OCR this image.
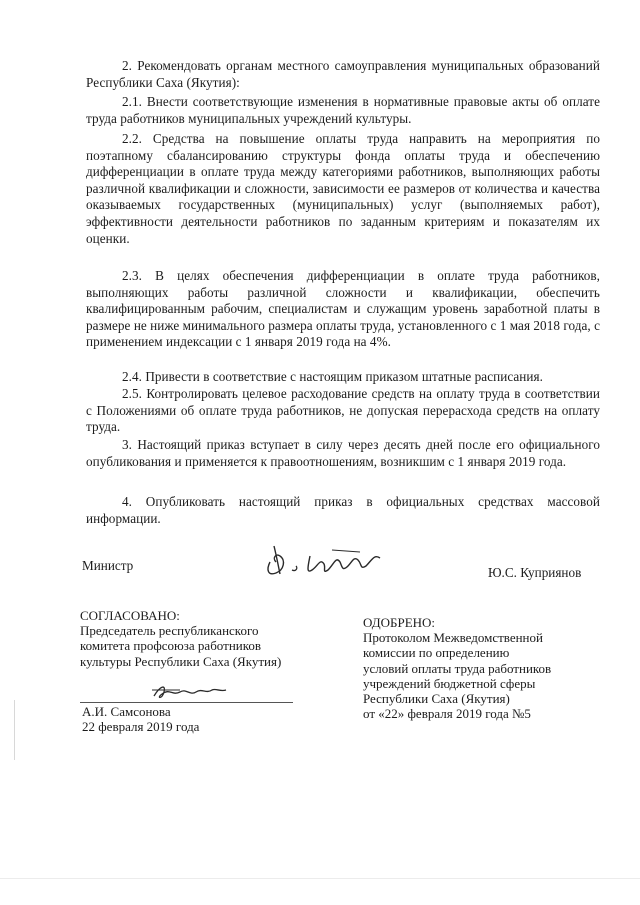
2. Рекомендовать органам местного самоуправления муниципальных образований Республики Саха (Якутия):

2.1. Внести соответствующие изменения в нормативные правовые акты об оплате труда работников муниципальных учреждений культуры.

2.2. Средства на повышение оплаты труда направить на мероприятия по поэтапному сбалансированию структуры фонда оплаты труда и обеспечению дифференциации в оплате труда между категориями работников, выполняющих работы различной квалификации и сложности, зависимости ее размеров от количества и качества оказываемых государственных (муниципальных) услуг (выполняемых работ), эффективности деятельности работников по заданным критериям и показателям их оценки.

2.3. В целях обеспечения дифференциации в оплате труда работников, выполняющих работы различной сложности и квалификации, обеспечить квалифицированным рабочим, специалистам и служащим уровень заработной платы в размере не ниже минимального размера оплаты труда, установленного с 1 мая 2018 года, с применением индексации с 1 января 2019 года на 4%.

2.4. Привести в соответствие с настоящим приказом штатные расписания.

2.5. Контролировать целевое расходование средств на оплату труда в соответствии с Положениями об оплате труда работников, не допуская перерасхода средств на оплату труда.

3. Настоящий приказ вступает в силу через десять дней после его официального опубликования и применяется к правоотношениям, возникшим с 1 января 2019 года.

4. Опубликовать настоящий приказ в официальных средствах массовой информации.

Министр	Ю.С. Куприянов
СОГЛАСОВАНО:
Председатель республиканского
комитета профсоюза работников
культуры Республики Саха (Якутия)
А.И. Самсонова
22 февраля 2019 года
ОДОБРЕНО:
Протоколом Межведомственной
комиссии по определению
условий оплаты труда работников
учреждений бюджетной сферы
Республики Саха (Якутия)
от «22» февраля 2019 года №5
